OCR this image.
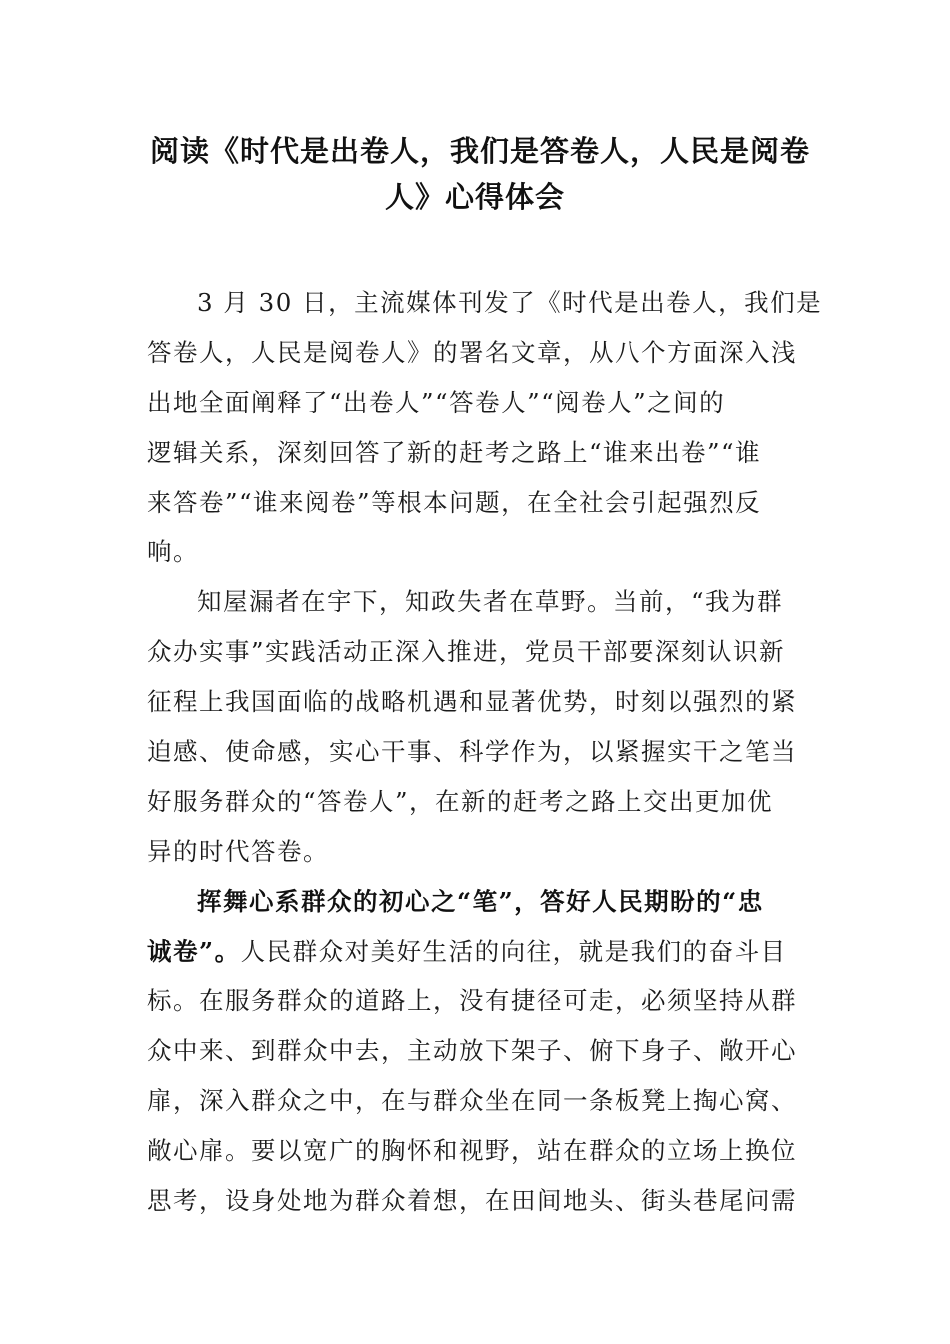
阅读《时代是出卷人，我们是答卷人，人民是阅卷
人》心得体会

3 月 30 日，主流媒体刊发了《时代是出卷人，我们是
答卷人，人民是阅卷人》的署名文章，从八个方面深入浅
出地全面阐释了“出卷人”“答卷人”“阅卷人”之间的
逻辑关系，深刻回答了新的赶考之路上“谁来出卷”“谁
来答卷”“谁来阅卷”等根本问题，在全社会引起强烈反
响。

知屋漏者在宇下，知政失者在草野。当前，“我为群
众办实事”实践活动正深入推进，党员干部要深刻认识新
征程上我国面临的战略机遇和显著优势，时刻以强烈的紧
迫感、使命感，实心干事、科学作为，以紧握实干之笔当
好服务群众的“答卷人”，在新的赶考之路上交出更加优
异的时代答卷。

挥舞心系群众的初心之“笔”，答好人民期盼的“忠
诚卷”。人民群众对美好生活的向往，就是我们的奋斗目
标。在服务群众的道路上，没有捷径可走，必须坚持从群
众中来、到群众中去，主动放下架子、俯下身子、敞开心
扉，深入群众之中，在与群众坐在同一条板凳上掏心窝、
敞心扉。要以宽广的胸怀和视野，站在群众的立场上换位
思考，设身处地为群众着想，在田间地头、街头巷尾问需
